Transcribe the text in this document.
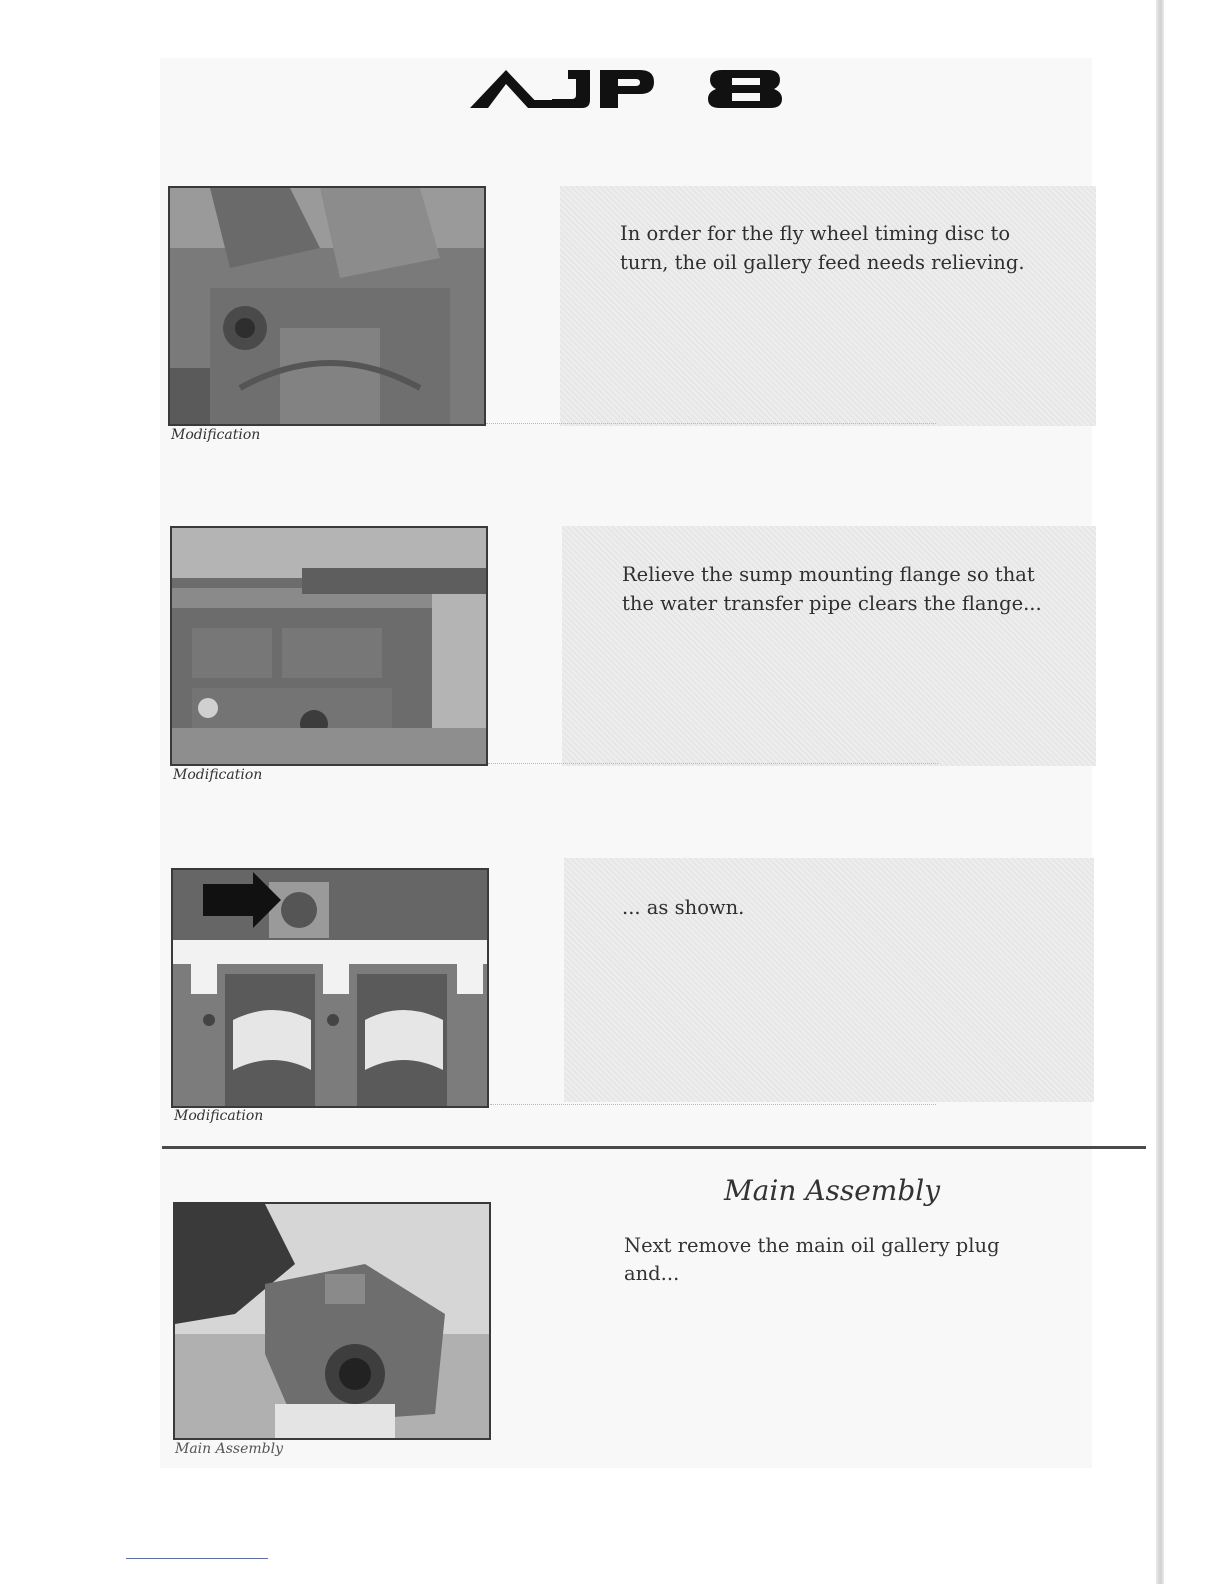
Modification
In order for the fly wheel timing disc to turn, the oil gallery feed needs relieving.
Modification
Relieve the sump mounting flange so that the water transfer pipe clears the flange...
Modification
... as shown.
Main Assembly
Main Assembly
Next remove the main oil gallery plug and...
